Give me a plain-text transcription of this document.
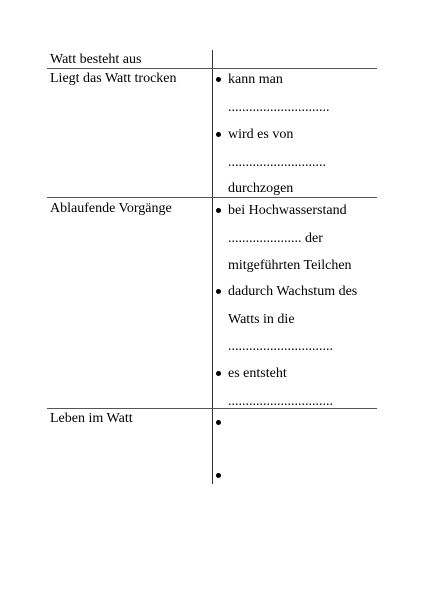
Watt besteht aus
Liegt das Watt trocken	kann man
.............................
wird es von
............................
durchzogen
Ablaufende Vorgänge	bei Hochwasserstand
..................... der
mitgeführten Teilchen
dadurch Wachstum des
Watts in die
..............................
es entsteht
..............................
Leben im Watt
